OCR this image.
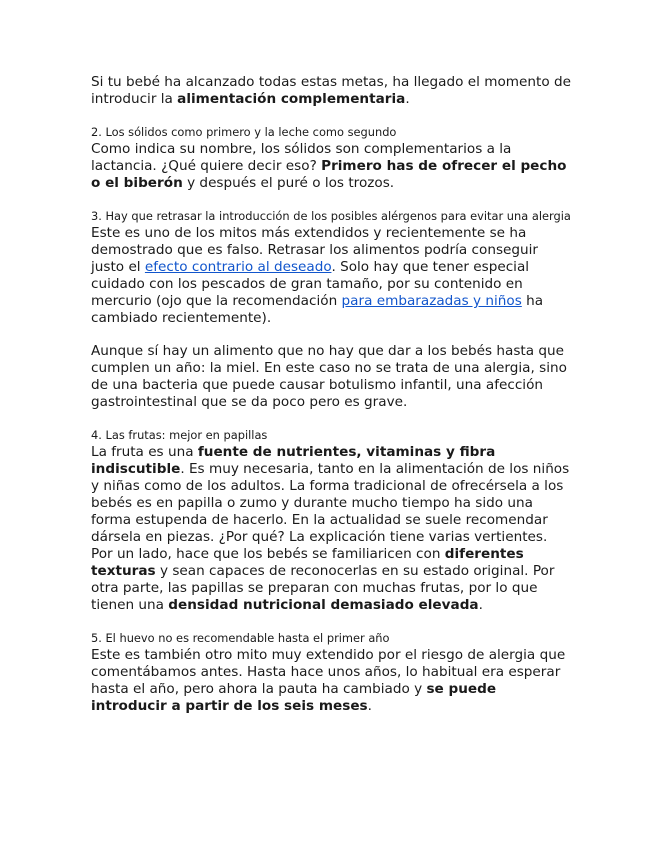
Si tu bebé ha alcanzado todas estas metas, ha llegado el momento de introducir la alimentación complementaria.

2. Los sólidos como primero y la leche como segundo

Como indica su nombre, los sólidos son complementarios a la lactancia. ¿Qué quiere decir eso? Primero has de ofrecer el pecho o el biberón y después el puré o los trozos.

3. Hay que retrasar la introducción de los posibles alérgenos para evitar una alergia

Este es uno de los mitos más extendidos y recientemente se ha demostrado que es falso. Retrasar los alimentos podría conseguir justo el efecto contrario al deseado. Solo hay que tener especial cuidado con los pescados de gran tamaño, por su contenido en mercurio (ojo que la recomendación para embarazadas y niños ha cambiado recientemente).

Aunque sí hay un alimento que no hay que dar a los bebés hasta que cumplen un año: la miel. En este caso no se trata de una alergia, sino de una bacteria que puede causar botulismo infantil, una afección gastrointestinal que se da poco pero es grave.

4. Las frutas: mejor en papillas

La fruta es una fuente de nutrientes, vitaminas y fibra indiscutible. Es muy necesaria, tanto en la alimentación de los niños y niñas como de los adultos. La forma tradicional de ofrecérsela a los bebés es en papilla o zumo y durante mucho tiempo ha sido una forma estupenda de hacerlo. En la actualidad se suele recomendar dársela en piezas. ¿Por qué? La explicación tiene varias vertientes. Por un lado, hace que los bebés se familiaricen con diferentes texturas y sean capaces de reconocerlas en su estado original. Por otra parte, las papillas se preparan con muchas frutas, por lo que tienen una densidad nutricional demasiado elevada.

5. El huevo no es recomendable hasta el primer año

Este es también otro mito muy extendido por el riesgo de alergia que comentábamos antes. Hasta hace unos años, lo habitual era esperar hasta el año, pero ahora la pauta ha cambiado y se puede introducir a partir de los seis meses.
